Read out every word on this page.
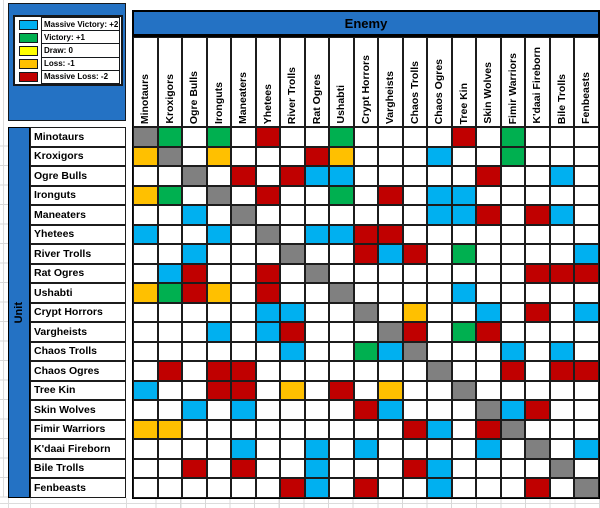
Massive Victory: +2
Victory: +1
Draw: 0
Loss: -1
Massive Loss: -2
Enemy
Minotaurs Kroxigors Ogre Bulls Ironguts Maneaters Yhetees River Trolls Rat Ogres Ushabti Crypt Horrors Vargheists Chaos Trolls Chaos Ogres Tree Kin Skin Wolves Fimir Warriors K'daai Fireborn Bile Trolls Fenbeasts
Unit
Minotaurs
Kroxigors
Ogre Bulls
Ironguts
Maneaters
Yhetees
River Trolls
Rat Ogres
Ushabti
Crypt Horrors
Vargheists
Chaos Trolls
Chaos Ogres
Tree Kin
Skin Wolves
Fimir Warriors
K'daai Fireborn
Bile Trolls
Fenbeasts
